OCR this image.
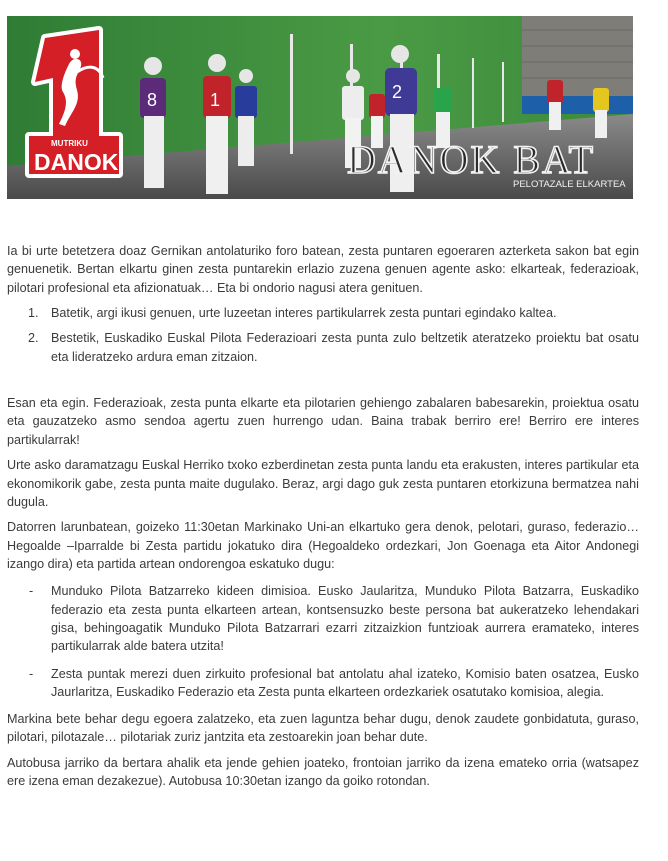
8	1	2
MUTRIKU
DANOK	DANOK BAT
PELOTAZALE ELKARTEA

Ia bi urte betetzera doaz Gernikan antolaturiko foro batean, zesta puntaren egoeraren azterketa sakon bat egin genuenetik. Bertan elkartu ginen zesta puntarekin erlazio zuzena genuen agente asko: elkarteak, federazioak, pilotari profesional eta afizionatuak… Eta bi ondorio nagusi atera genituen.

1. Batetik, argi ikusi genuen, urte luzeetan interes partikularrek zesta puntari egindako kaltea.
2. Bestetik, Euskadiko Euskal Pilota Federazioari zesta punta zulo beltzetik ateratzeko proiektu bat osatu eta lideratzeko ardura eman zitzaion.

Esan eta egin. Federazioak, zesta punta elkarte eta pilotarien gehiengo zabalaren babesarekin, proiektua osatu eta gauzatzeko asmo sendoa agertu zuen hurrengo udan. Baina trabak berriro ere! Berriro ere interes partikularrak!

Urte asko daramatzagu Euskal Herriko txoko ezberdinetan zesta punta landu eta erakusten, interes partikular eta ekonomikorik gabe, zesta punta maite dugulako. Beraz, argi dago guk zesta puntaren etorkizuna bermatzea nahi dugula.

Datorren larunbatean, goizeko 11:30etan Markinako Uni-an elkartuko gera denok, pelotari, guraso, federazio… Hegoalde –Iparralde bi Zesta partidu jokatuko dira (Hegoaldeko ordezkari, Jon Goenaga eta Aitor Andonegi izango dira) eta partida artean ondorengoa eskatuko dugu:

- Munduko Pilota Batzarreko kideen dimisioa. Eusko Jaularitza, Munduko Pilota Batzarra, Euskadiko federazio eta zesta punta elkarteen artean, kontsensuzko beste persona bat aukeratzeko lehendakari gisa, behingoagatik Munduko Pilota Batzarrari ezarri zitzaizkion funtzioak aurrera eramateko, interes partikularrak alde batera utzita!
- Zesta puntak merezi duen zirkuito profesional bat antolatu ahal izateko, Komisio baten osatzea, Eusko Jaurlaritza, Euskadiko Federazio eta Zesta punta elkarteen ordezkariek osatutako komisioa, alegia.

Markina bete behar degu egoera zalatzeko, eta zuen laguntza behar dugu, denok zaudete gonbidatuta, guraso, pilotari, pilotazale… pilotariak zuriz jantzita eta zestoarekin joan behar dute.

Autobusa jarriko da bertara ahalik eta jende gehien joateko, frontoian jarriko da izena emateko orria (watsapez ere izena eman dezakezue). Autobusa 10:30etan izango da goiko rotondan.
